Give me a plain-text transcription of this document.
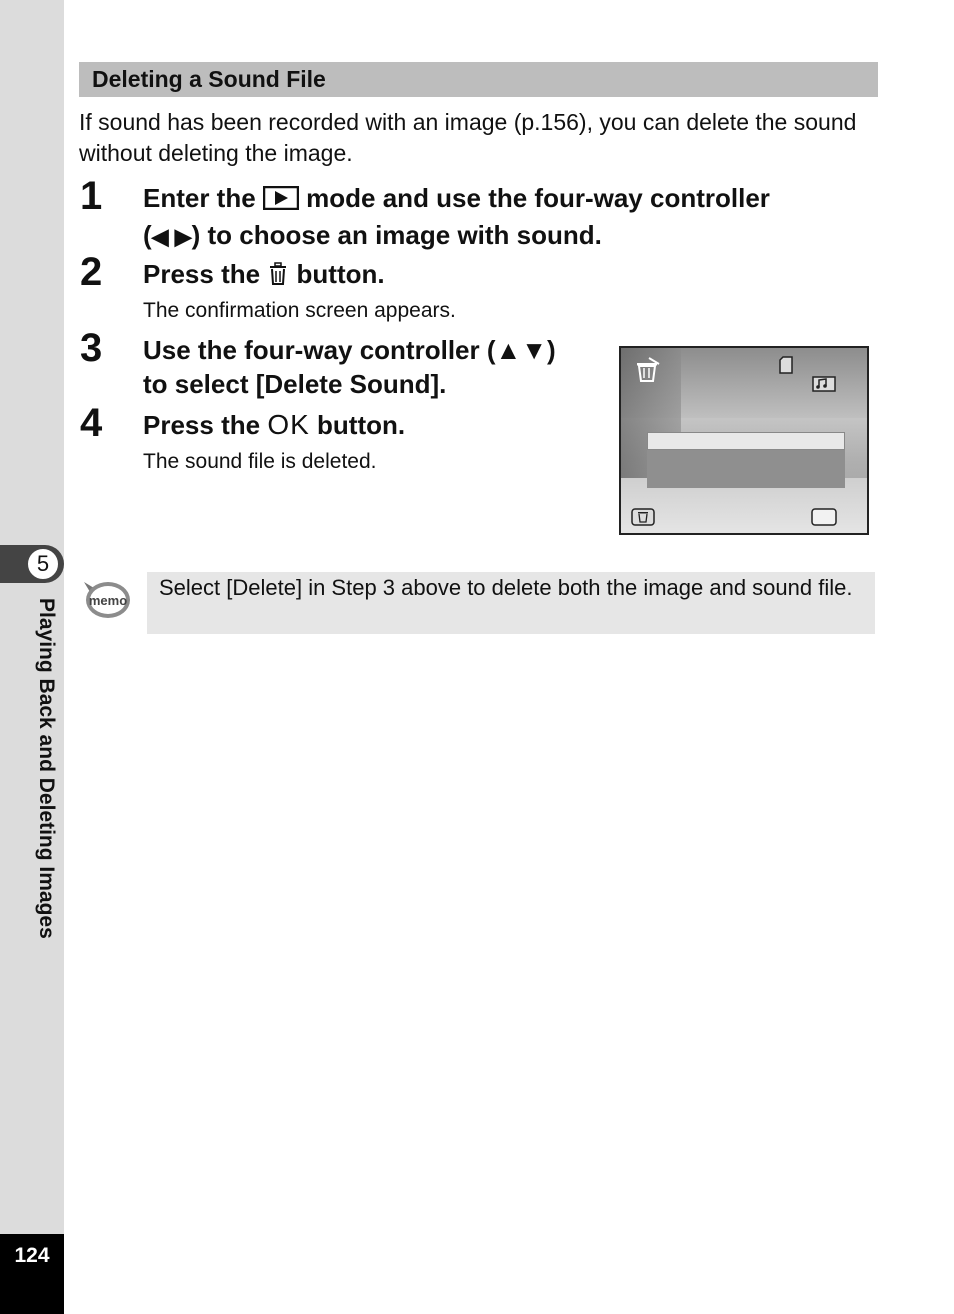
5
Playing Back and Deleting Images
124
Deleting a Sound File
If sound has been recorded with an image (p.156), you can delete the sound without deleting the image.
1 Enter the mode and use the four-way controller
(◀ ▶) to choose an image with sound.
2 Press the button.
The confirmation screen appears.
3 Use the four-way controller (▲▼)
to select [Delete Sound].
4 Press the OK button.
The sound file is deleted.
memo
Select [Delete] in Step 3 above to delete both the image and sound file.
